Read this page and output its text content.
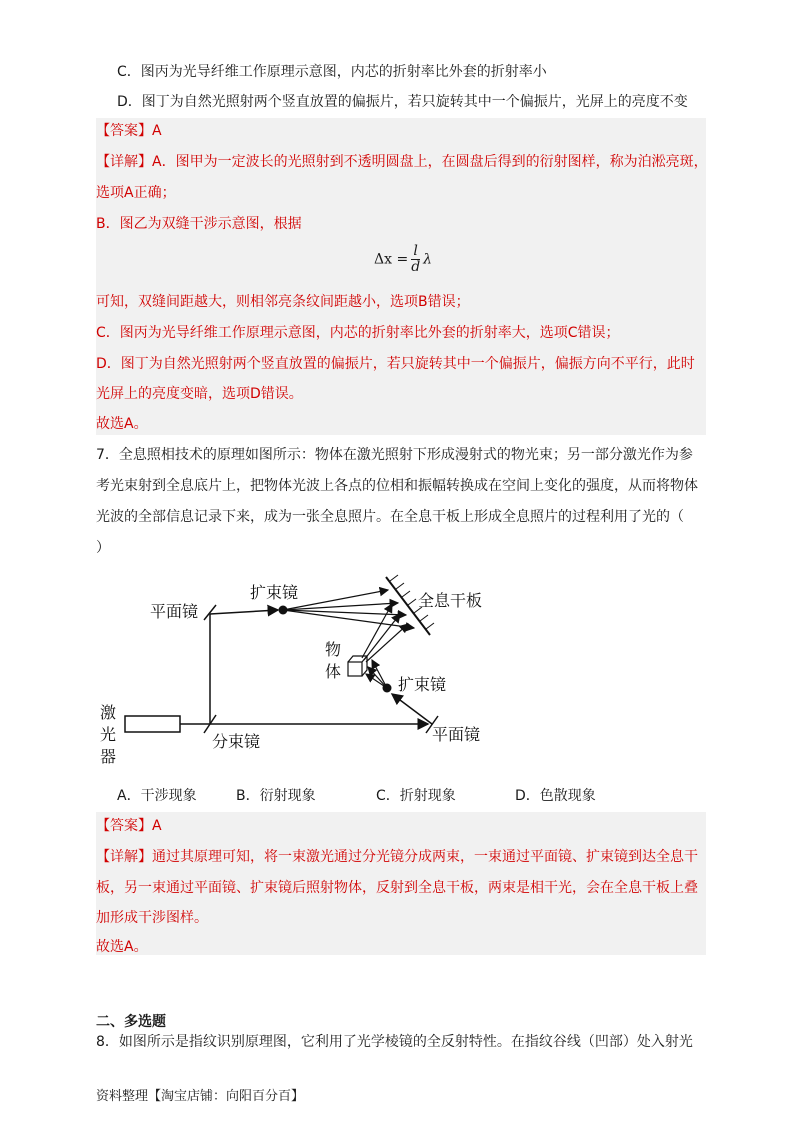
C．图丙为光导纤维工作原理示意图，内芯的折射率比外套的折射率小
D．图丁为自然光照射两个竖直放置的偏振片，若只旋转其中一个偏振片，光屏上的亮度不变
【答案】A
【详解】A．图甲为一定波长的光照射到不透明圆盘上，在圆盘后得到的衍射图样，称为泊淞亮斑，
选项A正确；
B．图乙为双缝干涉示意图，根据
$\Delta x = \frac{l}{d}$ λ
可知，双缝间距越大，则相邻亮条纹间距越小，选项B错误；
C．图丙为光导纤维工作原理示意图，内芯的折射率比外套的折射率大，选项C错误；
D．图丁为自然光照射两个竖直放置的偏振片，若只旋转其中一个偏振片，偏振方向不平行，此时
光屏上的亮度变暗，选项D错误。
故选A。
7．全息照相技术的原理如图所示：物体在激光照射下形成漫射式的物光束；另一部分激光作为参
考光束射到全息底片上，把物体光波上各点的位相和振幅转换成在空间上变化的强度，从而将物体
光波的全部信息记录下来，成为一张全息照片。在全息干板上形成全息照片的过程利用了光的（
）
平面镜
扩束镜	全息干板
物
体
扩束镜
激
光
器
分束镜	平面镜
A．干涉现象	B．衍射现象	C．折射现象	D．色散现象
【答案】A
【详解】通过其原理可知，将一束激光通过分光镜分成两束，一束通过平面镜、扩束镜到达全息干
板，另一束通过平面镜、扩束镜后照射物体，反射到全息干板，两束是相干光，会在全息干板上叠
加形成干涉图样。
故选A。
二、多选题
8．如图所示是指纹识别原理图，它利用了光学棱镜的全反射特性。在指纹谷线（凹部）处入射光
资料整理【淘宝店铺：向阳百分百】
